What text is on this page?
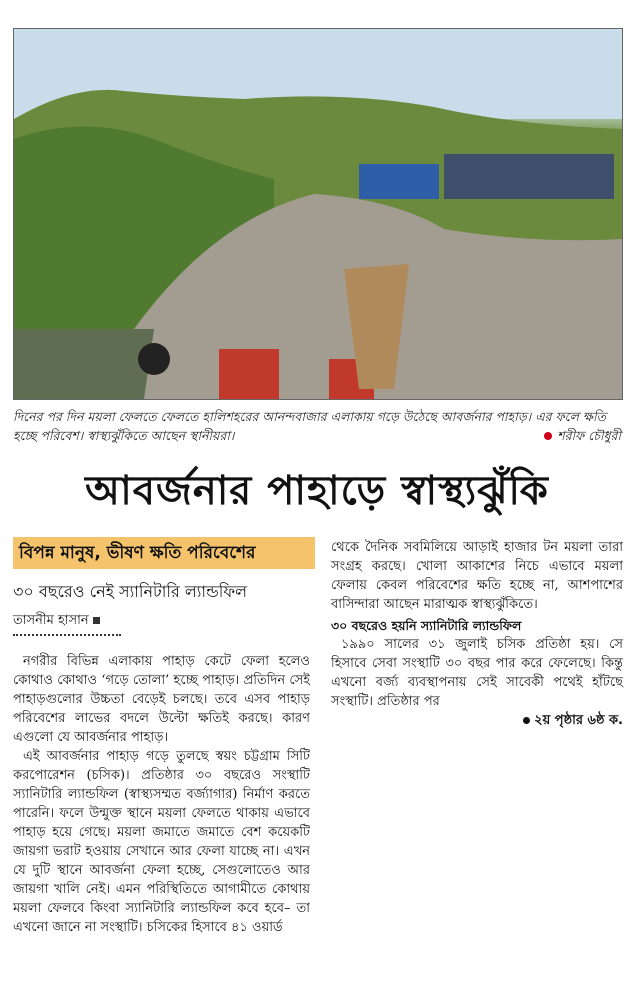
দিনের পর দিন ময়লা ফেলতে ফেলতে হালিশহরের আনন্দবাজার এলাকায় গড়ে উঠেছে আবর্জনার পাহাড়। এর ফলে ক্ষতি হচ্ছে পরিবেশ। স্বাস্থ্যঝুঁকিতে আছেন স্থানীয়রা।	শরীফ চৌধুরী
আবর্জনার পাহাড়ে স্বাস্থ্যঝুঁকি
বিপন্ন মানুষ, ভীষণ ক্ষতি পরিবেশের
৩০ বছরেও নেই স্যানিটারি ল্যান্ডফিল
তাসনীম হাসান

নগরীর বিভিন্ন এলাকায় পাহাড় কেটে ফেলা হলেও কোথাও কোথাও ‘গড়ে তোলা’ হচ্ছে পাহাড়। প্রতিদিন সেই পাহাড়গুলোর উচ্চতা বেড়েই চলছে। তবে এসব পাহাড় পরিবেশের লাভের বদলে উল্টো ক্ষতিই করছে। কারণ এগুলো যে আবর্জনার পাহাড়।

এই আবর্জনার পাহাড় গড়ে তুলছে স্বয়ং চট্টগ্রাম সিটি করপোরেশন (চসিক)। প্রতিষ্ঠার ৩০ বছরেও সংস্থাটি স্যানিটারি ল্যান্ডফিল (স্বাস্থ্যসম্মত বর্জ্যাগার) নির্মাণ করতে পারেনি। ফলে উন্মুক্ত স্থানে ময়লা ফেলতে থাকায় এভাবে পাহাড় হয়ে গেছে। ময়লা জমাতে জমাতে বেশ কয়েকটি জায়গা ভরাট হওয়ায় সেখানে আর ফেলা যাচ্ছে না। এখন যে দুটি স্থানে আবর্জনা ফেলা হচ্ছে, সেগুলোতেও আর জায়গা খালি নেই। এমন পরিস্থিতিতে আগামীতে কোথায় ময়লা ফেলবে কিংবা স্যানিটারি ল্যান্ডফিল কবে হবে– তা এখনো জানে না সংস্থাটি। চসিকের হিসাবে ৪১ ওয়ার্ড

থেকে দৈনিক সবমিলিয়ে আড়াই হাজার টন ময়লা তারা সংগ্রহ করছে। খোলা আকাশের নিচে এভাবে ময়লা ফেলায় কেবল পরিবেশের ক্ষতি হচ্ছে না, আশপাশের বাসিন্দারা আছেন মারাত্মক স্বাস্থ্যঝুঁকিতে।

৩০ বছরেও হয়নি স্যানিটারি ল্যান্ডফিল

১৯৯০ সালের ৩১ জুলাই চসিক প্রতিষ্ঠা হয়। সে হিসাবে সেবা সংস্থাটি ৩০ বছর পার করে ফেলেছে। কিন্তু এখনো বর্জ্য ব্যবস্থাপনায় সেই সাবেকী পথেই হাঁটছে সংস্থাটি। প্রতিষ্ঠার পর

২য় পৃষ্ঠার ৬ষ্ঠ ক.
